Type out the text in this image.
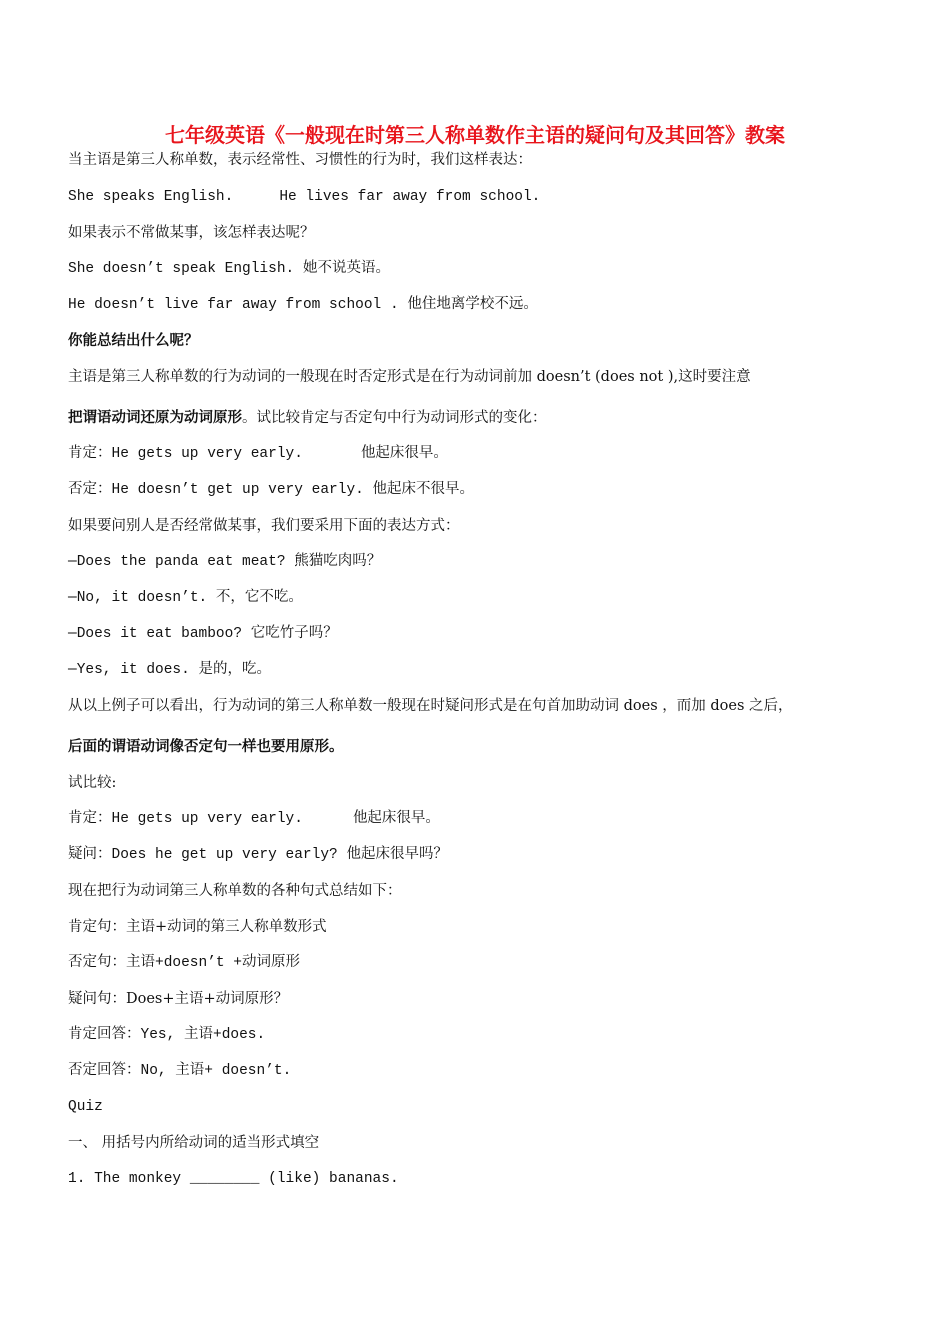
七年级英语《一般现在时第三人称单数作主语的疑问句及其回答》教案
当主语是第三人称单数，表示经常性、习惯性的行为时，我们这样表达：
She speaks English.	He lives far away from school.
如果表示不常做某事，该怎样表达呢？
She doesn’t speak English. 她不说英语。
He doesn’t live far away from school . 他住地离学校不远。
你能总结出什么呢？
主语是第三人称单数的行为动词的一般现在时否定形式是在行为动词前加 doesn’t (does not ),这时要注意
把谓语动词还原为动词原形。试比较肯定与否定句中行为动词形式的变化：
肯定：He gets up very early.	他起床很早。
否定：He doesn’t get up very early. 他起床不很早。
如果要问别人是否经常做某事，我们要采用下面的表达方式：
—Does the panda eat meat? 熊猫吃肉吗？
—No, it doesn’t. 不，它不吃。
—Does it eat bamboo? 它吃竹子吗？
—Yes, it does. 是的，吃。
从以上例子可以看出，行为动词的第三人称单数一般现在时疑问形式是在句首加助动词 does ，而加 does 之后，
后面的谓语动词像否定句一样也要用原形。
试比较:
肯定：He gets up very early.	他起床很早。
疑问：Does he get up very early? 他起床很早吗？
现在把行为动词第三人称单数的各种句式总结如下：
肯定句：主语+动词的第三人称单数形式
否定句：主语+doesn’t +动词原形
疑问句：Does+主语+动词原形？
肯定回答：Yes, 主语+does.
否定回答：No, 主语+ doesn’t.
Quiz
一、 用括号内所给动词的适当形式填空
1. The monkey ________ (like) bananas.
